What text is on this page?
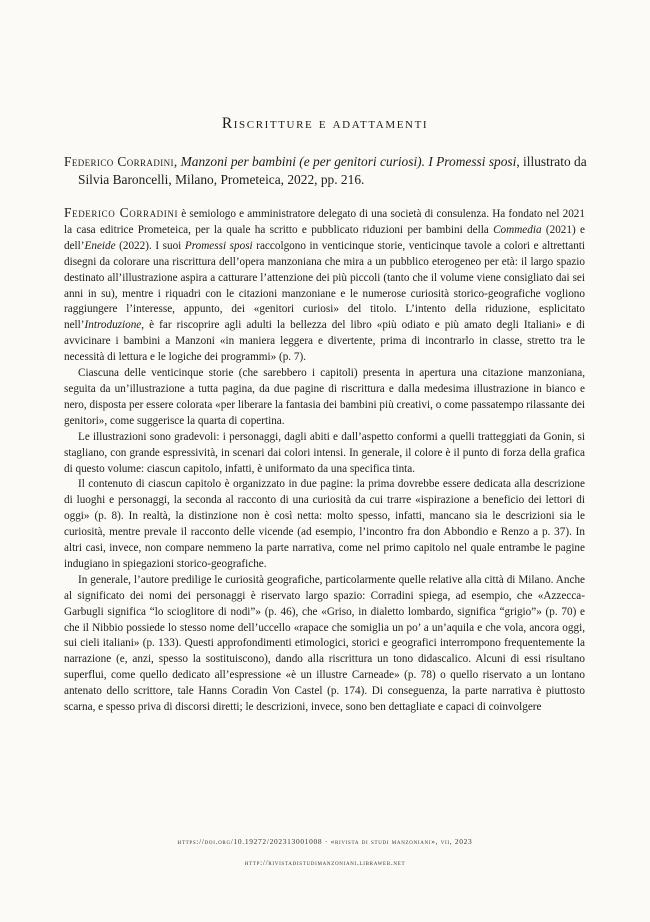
Riscritture e adattamenti
Federico Corradini, Manzoni per bambini (e per genitori curiosi). I Promessi sposi, illustrato da Silvia Baroncelli, Milano, Prometeica, 2022, pp. 216.

Federico Corradini è semiologo e amministratore delegato di una società di consulenza. Ha fondato nel 2021 la casa editrice Prometeica, per la quale ha scritto e pubblicato riduzioni per bambini della Commedia (2021) e dell’Eneide (2022). I suoi Promessi sposi raccolgono in venticinque storie, venticinque tavole a colori e altrettanti disegni da colorare una riscrittura dell’opera manzoniana che mira a un pubblico eterogeneo per età: il largo spazio destinato all’illustrazione aspira a catturare l’attenzione dei più piccoli (tanto che il volume viene consigliato dai sei anni in su), mentre i riquadri con le citazioni manzoniane e le numerose curiosità storico-geografiche vogliono raggiungere l’interesse, appunto, dei «genitori curiosi» del titolo. L’intento della riduzione, esplicitato nell’Introduzione, è far riscoprire agli adulti la bellezza del libro «più odiato e più amato degli Italiani» e di avvicinare i bambini a Manzoni «in maniera leggera e divertente, prima di incontrarlo in classe, stretto tra le necessità di lettura e le logiche dei programmi» (p. 7).

Ciascuna delle venticinque storie (che sarebbero i capitoli) presenta in apertura una citazione manzoniana, seguita da un’illustrazione a tutta pagina, da due pagine di riscrittura e dalla medesima illustrazione in bianco e nero, disposta per essere colorata «per liberare la fantasia dei bambini più creativi, o come passatempo rilassante dei genitori», come suggerisce la quarta di copertina.

Le illustrazioni sono gradevoli: i personaggi, dagli abiti e dall’aspetto conformi a quelli tratteggiati da Gonin, si stagliano, con grande espressività, in scenari dai colori intensi. In generale, il colore è il punto di forza della grafica di questo volume: ciascun capitolo, infatti, è uniformato da una specifica tinta.

Il contenuto di ciascun capitolo è organizzato in due pagine: la prima dovrebbe essere dedicata alla descrizione di luoghi e personaggi, la seconda al racconto di una curiosità da cui trarre «ispirazione a beneficio dei lettori di oggi» (p. 8). In realtà, la distinzione non è così netta: molto spesso, infatti, mancano sia le descrizioni sia le curiosità, mentre prevale il racconto delle vicende (ad esempio, l’incontro fra don Abbondio e Renzo a p. 37). In altri casi, invece, non compare nemmeno la parte narrativa, come nel primo capitolo nel quale entrambe le pagine indugiano in spiegazioni storico-geografiche.

In generale, l’autore predilige le curiosità geografiche, particolarmente quelle relative alla città di Milano. Anche al significato dei nomi dei personaggi è riservato largo spazio: Corradini spiega, ad esempio, che «Azzecca-Garbugli significa “lo scioglitore di nodi”» (p. 46), che «Griso, in dialetto lombardo, significa “grigio”» (p. 70) e che il Nibbio possiede lo stesso nome dell’uccello «rapace che somiglia un po’ a un’aquila e che vola, ancora oggi, sui cieli italiani» (p. 133). Questi approfondimenti etimologici, storici e geografici interrompono frequentemente la narrazione (e, anzi, spesso la sostituiscono), dando alla riscrittura un tono didascalico. Alcuni di essi risultano superflui, come quello dedicato all’espressione «è un illustre Carneade» (p. 78) o quello riservato a un lontano antenato dello scrittore, tale Hanns Coradin Von Castel (p. 174). Di conseguenza, la parte narrativa è piuttosto scarna, e spesso priva di discorsi diretti; le descrizioni, invece, sono ben dettagliate e capaci di coinvolgere

https://doi.org/10.19272/202313001008 · «rivista di studi manzoniani», vii, 2023
http://rivistadistudimanzoniani.libraweb.net
